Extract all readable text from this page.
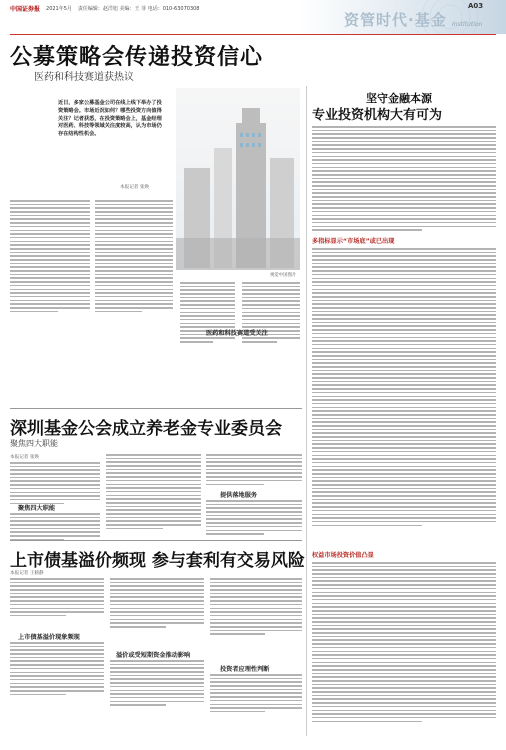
中国证券报 2021年5月 责任编辑：赵洋旭 美编：王 菲 电话：010-63070308
资管时代·基金
A03
Institution
公募策略会传递投资信心
医药和科技赛道获热议
近日，多家公募基金公司在线上线下举办了投资策略会。市场近况如何？哪些投资方向值得关注？记者获悉，在投资策略会上，基金经理对医药、科技等领域关注度较高，认为市场仍存在结构性机会。
本报记者 张焕
视觉中国图片
医药和科技赛道受关注
坚守金融本源
专业投资机构大有可为
多指标显示“市场底”或已出现
权益市场投资价值凸显
深圳基金公会成立养老金专业委员会
聚焦四大职能
本报记者 张焕
聚焦四大职能
提供落地服务
上市债基溢价频现 参与套利有交易风险
本报记者 王鹤静
上市债基溢价现象频现
溢价或受短期资金推动影响
投资者应理性判断
